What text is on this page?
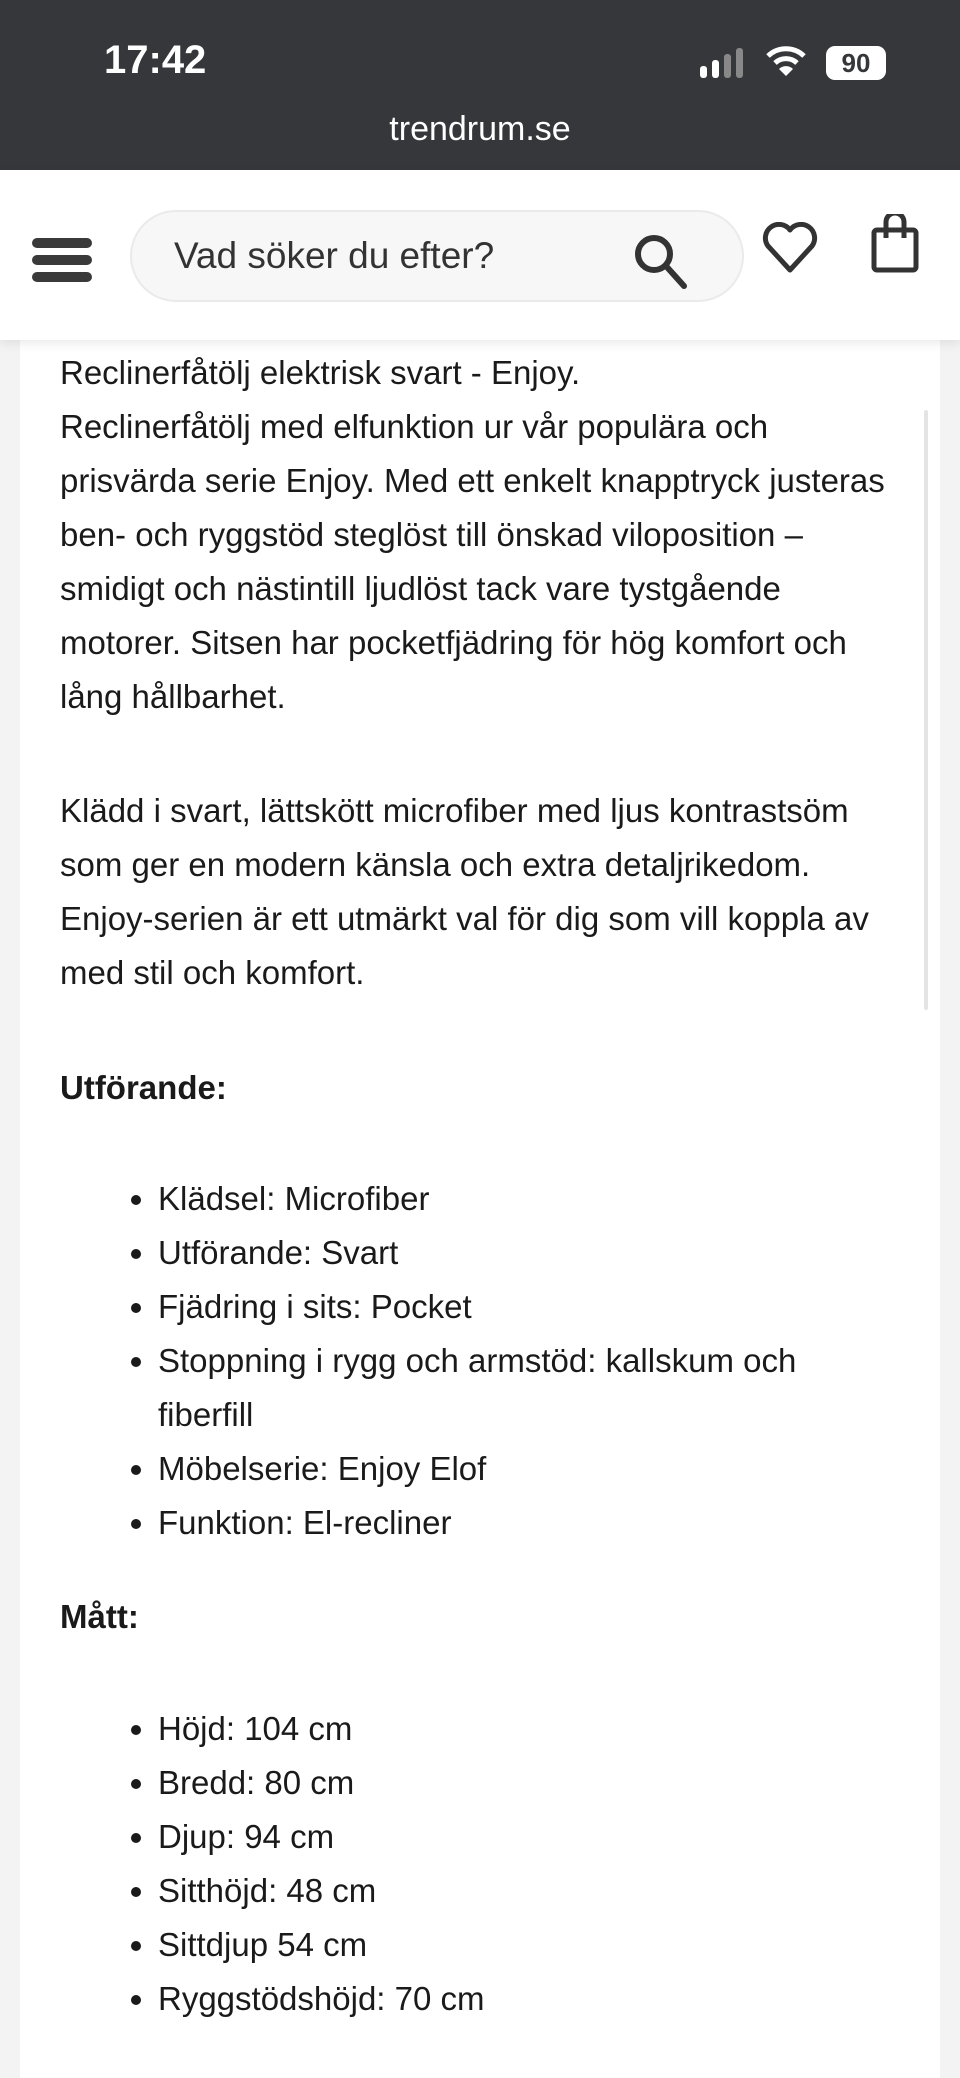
17:42	90
trendrum.se
Vad söker du efter?

Reclinerfåtölj elektrisk svart - Enjoy.

Reclinerfåtölj med elfunktion ur vår populära och prisvärda serie Enjoy. Med ett enkelt knapptryck justeras ben- och ryggstöd steglöst till önskad viloposition – smidigt och nästintill ljudlöst tack vare tystgående motorer. Sitsen har pocketfjädring för hög komfort och lång hållbarhet.

Klädd i svart, lättskött microfiber med ljus kontrastsöm som ger en modern känsla och extra detaljrikedom. Enjoy-serien är ett utmärkt val för dig som vill koppla av med stil och komfort.

Utförande:

• Klädsel: Microfiber
• Utförande: Svart
• Fjädring i sits: Pocket
• Stoppning i rygg och armstöd: kallskum och fiberfill
• Möbelserie: Enjoy Elof
• Funktion: El-recliner

Mått:

• Höjd: 104 cm
• Bredd: 80 cm
• Djup: 94 cm
• Sitthöjd: 48 cm
• Sittdjup 54 cm
• Ryggstödshöjd: 70 cm
